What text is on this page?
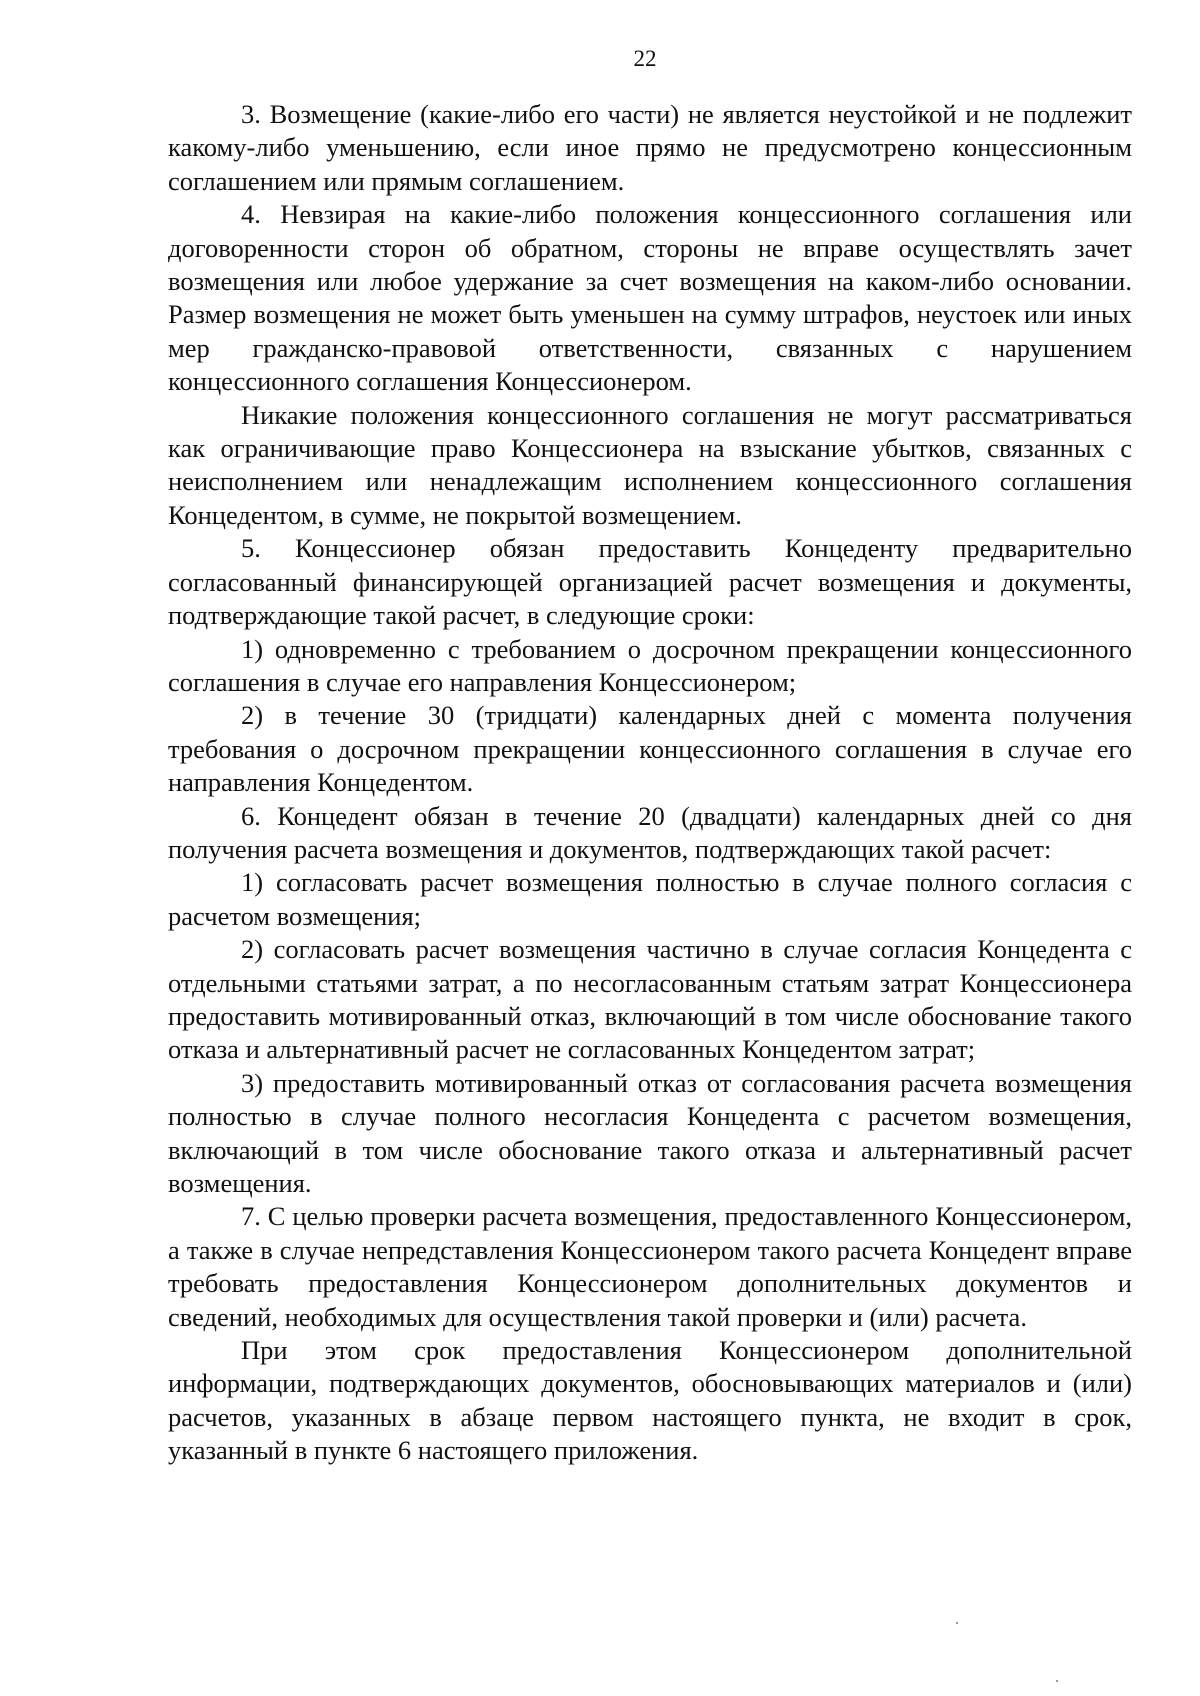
22

3. Возмещение (какие-либо его части) не является неустойкой и не подлежит какому-либо уменьшению, если иное прямо не предусмотрено концессионным соглашением или прямым соглашением.

4. Невзирая на какие-либо положения концессионного соглашения или договоренности сторон об обратном, стороны не вправе осуществлять зачет возмещения или любое удержание за счет возмещения на каком-либо основании. Размер возмещения не может быть уменьшен на сумму штрафов, неустоек или иных мер гражданско-правовой ответственности, связанных с нарушением концессионного соглашения Концессионером.

Никакие положения концессионного соглашения не могут рассматриваться как ограничивающие право Концессионера на взыскание убытков, связанных с неисполнением или ненадлежащим исполнением концессионного соглашения Концедентом, в сумме, не покрытой возмещением.

5. Концессионер обязан предоставить Концеденту предварительно согласованный финансирующей организацией расчет возмещения и документы, подтверждающие такой расчет, в следующие сроки:

1) одновременно с требованием о досрочном прекращении концессионного соглашения в случае его направления Концессионером;

2) в течение 30 (тридцати) календарных дней с момента получения требования о досрочном прекращении концессионного соглашения в случае его направления Концедентом.

6. Концедент обязан в течение 20 (двадцати) календарных дней со дня получения расчета возмещения и документов, подтверждающих такой расчет:

1) согласовать расчет возмещения полностью в случае полного согласия с расчетом возмещения;

2) согласовать расчет возмещения частично в случае согласия Концедента с отдельными статьями затрат, а по несогласованным статьям затрат Концессионера предоставить мотивированный отказ, включающий в том числе обоснование такого отказа и альтернативный расчет не согласованных Концедентом затрат;

3) предоставить мотивированный отказ от согласования расчета возмещения полностью в случае полного несогласия Концедента с расчетом возмещения, включающий в том числе обоснование такого отказа и альтернативный расчет возмещения.

7. С целью проверки расчета возмещения, предоставленного Концессионером, а также в случае непредставления Концессионером такого расчета Концедент вправе требовать предоставления Концессионером дополнительных документов и сведений, необходимых для осуществления такой проверки и (или) расчета.

При этом срок предоставления Концессионером дополнительной информации, подтверждающих документов, обосновывающих материалов и (или) расчетов, указанных в абзаце первом настоящего пункта, не входит в срок, указанный в пункте 6 настоящего приложения.
